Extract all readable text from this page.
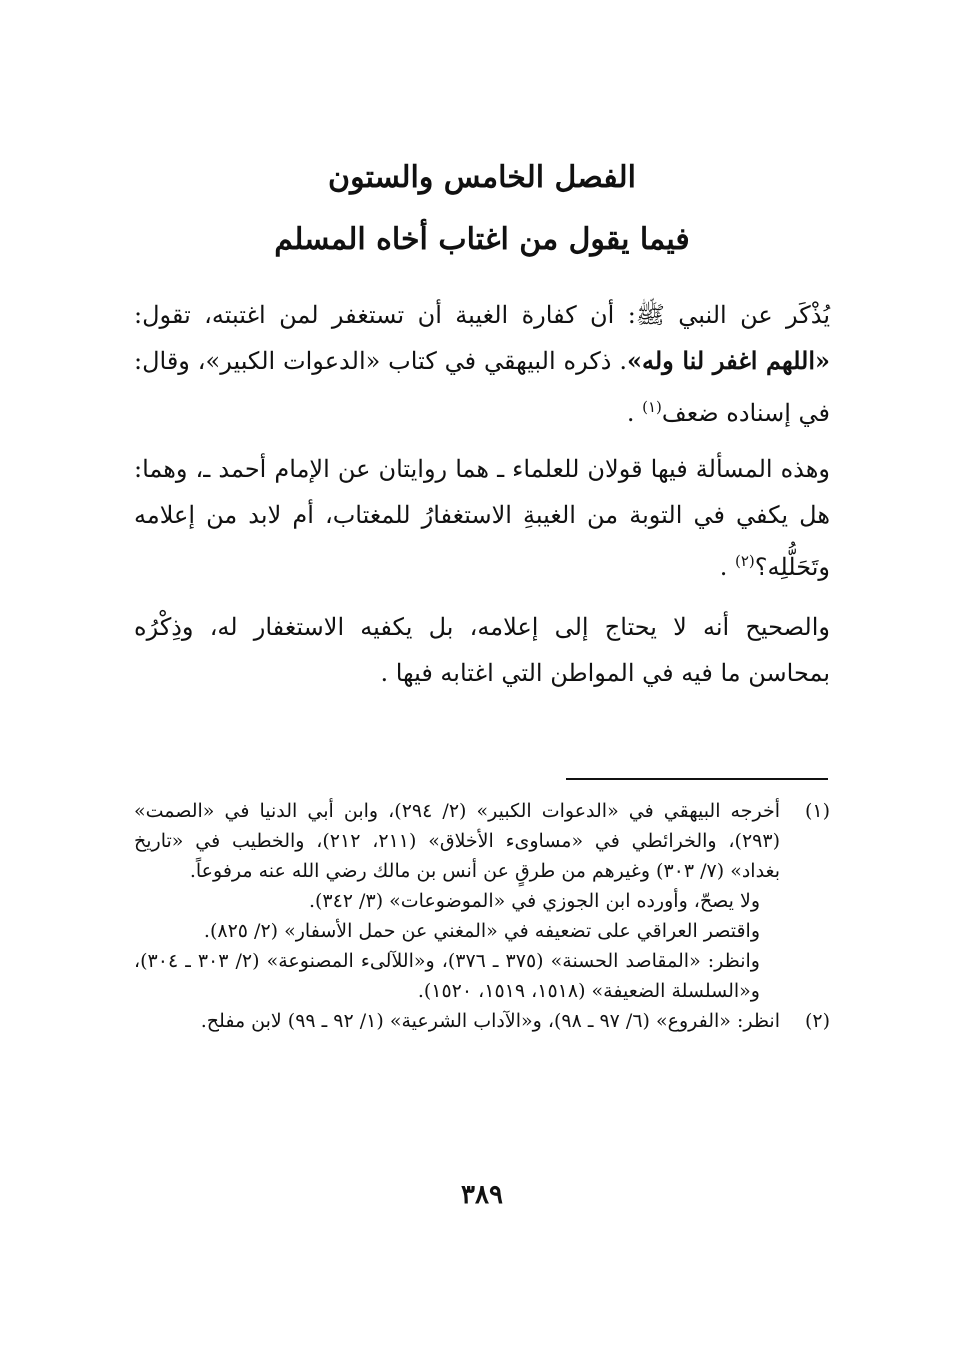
الفصل الخامس والستون
فيما يقول من اغتاب أخاه المسلم

يُذْكَر عن النبي ﷺ: أن كفارة الغيبة أن تستغفر لمن اغتبته، تقول: «اللهم اغفر لنا وله». ذكره البيهقي في كتاب «الدعوات الكبير»، وقال: في إسناده ضعف$^{(١)}$ .

وهذه المسألة فيها قولان للعلماء ـ هما روايتان عن الإمام أحمد ـ، وهما: هل يكفي في التوبة من الغيبةِ الاستغفارُ للمغتاب، أم لابد من إعلامه وتَحَلُّلِه؟$^{(٢)}$ .

والصحيح أنه لا يحتاج إلى إعلامه، بل يكفيه الاستغفار له، وذِكْرُه بمحاسن ما فيه في المواطن التي اغتابه فيها .

(١)

أخرجه البيهقي في «الدعوات الكبير» (٢/ ٢٩٤)، وابن أبي الدنيا في «الصمت» (٢٩٣)، والخرائطي في «مساوىء الأخلاق» (٢١١، ٢١٢)، والخطيب في «تاريخ بغداد» (٧/ ٣٠٣) وغيرهم من طرقٍ عن أنس بن مالك رضي الله عنه مرفوعاً.

ولا يصحّ، وأورده ابن الجوزي في «الموضوعات» (٣/ ٣٤٢).

واقتصر العراقي على تضعيفه في «المغني عن حمل الأسفار» (٢/ ٨٢٥).

وانظر: «المقاصد الحسنة» (٣٧٥ ـ ٣٧٦)، و«اللآلىء المصنوعة» (٢/ ٣٠٣ ـ ٣٠٤)، و«السلسلة الضعيفة» (١٥١٨، ١٥١٩، ١٥٢٠).

(٢)

انظر: «الفروع» (٦/ ٩٧ ـ ٩٨)، و«الآداب الشرعية» (١/ ٩٢ ـ ٩٩) لابن مفلح.

٣٨٩
